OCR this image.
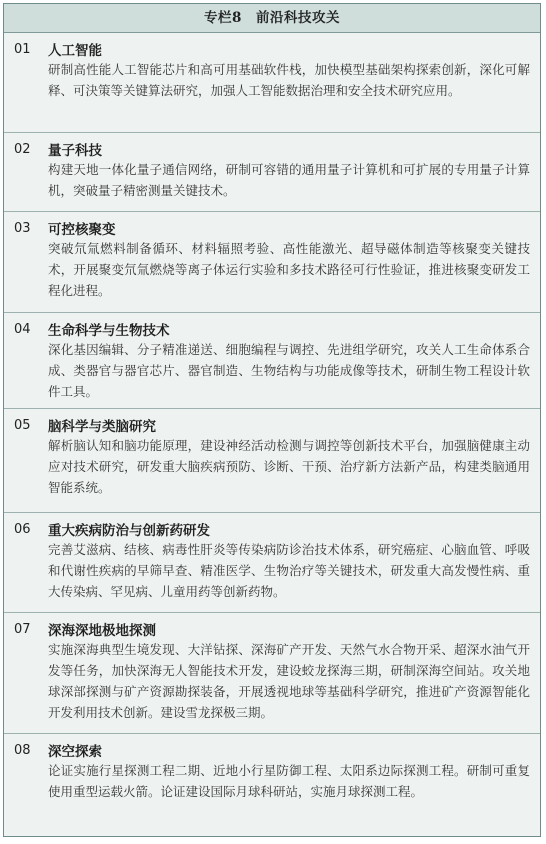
专栏8　前沿科技攻关
01	人工智能
研制高性能人工智能芯片和高可用基础软件栈，加快模型基础架构探索创新，深化可解释、可決策等关键算法研究，加强人工智能数据治理和安全技术研究应用。
02	量子科技
构建天地一体化量子通信网络，研制可容错的通用量子计算机和可扩展的专用量子计算机，突破量子精密测量关键技术。
03	可控核聚变
突破氘氚燃料制备循环、材料辐照考验、高性能激光、超导磁体制造等核聚变关键技术，开展聚变氘氚燃烧等离子体运行实验和多技术路径可行性验证，推进核聚变研发工程化进程。
04	生命科学与生物技术
深化基因编辑、分子精准递送、细胞编程与调控、先进组学研究，攻关人工生命体系合成、类器官与器官芯片、器官制造、生物结构与功能成像等技术，研制生物工程设计软件工具。
05	脑科学与类脑研究
解析脑认知和脑功能原理，建设神经活动检测与调控等创新技术平台，加强脑健康主动应对技术研究，研发重大脑疾病预防、诊断、干预、治疗新方法新产品，构建类脑通用智能系统。
06	重大疾病防治与创新药研发
完善艾滋病、结核、病毒性肝炎等传染病防诊治技术体系，研究癌症、心脑血管、呼吸和代谢性疾病的早筛早查、精准医学、生物治疗等关键技术，研发重大高发慢性病、重大传染病、罕见病、儿童用药等创新药物。
07	深海深地极地探测
实施深海典型生境发现、大洋钻探、深海矿产开发、天然气水合物开采、超深水油气开发等任务，加快深海无人智能技术开发，建设蛟龙探海三期，研制深海空间站。攻关地球深部探测与矿产资源勘探装备，开展透视地球等基础科学研究，推进矿产资源智能化开发利用技术创新。建设雪龙探极三期。
08	深空探索
论证实施行星探测工程二期、近地小行星防御工程、太阳系边际探测工程。研制可重复使用重型运载火箭。论证建设国际月球科研站，实施月球探测工程。
